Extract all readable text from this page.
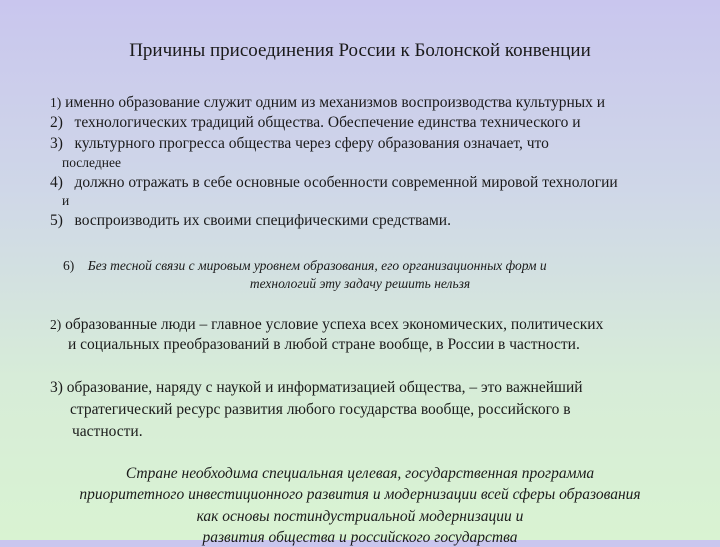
Причины присоединения России к Болонской конвенции
1) именно образование служит одним из механизмов воспроизводства культурных и
2) технологических традиций общества. Обеспечение единства технического и
3) культурного прогресса общества через сферу образования означает, что
последнее
4) должно отражать в себе основные особенности современной мировой технологии
и
5) воспроизводить их своими специфическими средствами.
6) Без тесной связи с мировым уровнем образования, его организационных форм и
технологий эту задачу решить нельзя
2) образованные люди – главное условие успеха всех экономических, политических
и социальных преобразований в любой стране вообще, в России в частности.
3) образование, наряду с наукой и информатизацией общества, – это важнейший
стратегический ресурс развития любого государства вообще, российского в
частности.
Стране необходима специальная целевая, государственная программа
приоритетного инвестиционного развития и модернизации всей сферы образования
как основы постиндустриальной модернизации и
развития общества и российского государства
